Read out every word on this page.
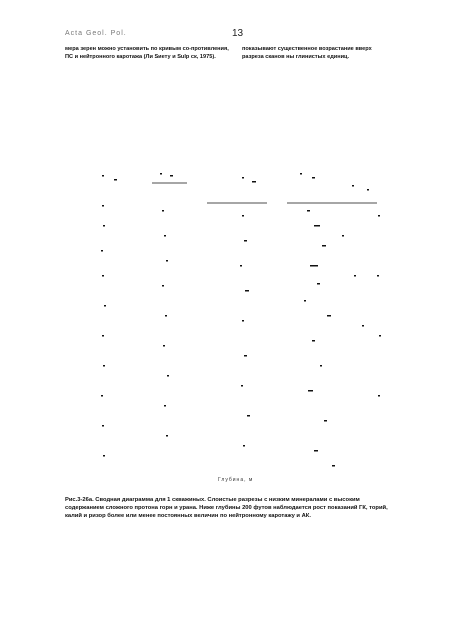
Acta Geol. Pol.	13

мера зерен можно установить по кривым со-противления, ПС и нейтронного каротажа (Ли Sиету и Sulp ск, 1975).

показывают существенное возрастание вверх разреза сканов ны глинистых единиц.

Глубина, м

Рис.3-26а. Сводная диаграмма для 1 скважиных. Слоистые разрезы с низким минералами с высоким содержанием сложного протона горн и урана. Ниже глубины 200 футов наблюдается рост показаний ГК, торий, калий и ризор более или менее постоянных величин по нейтронному каротажу и АК.
